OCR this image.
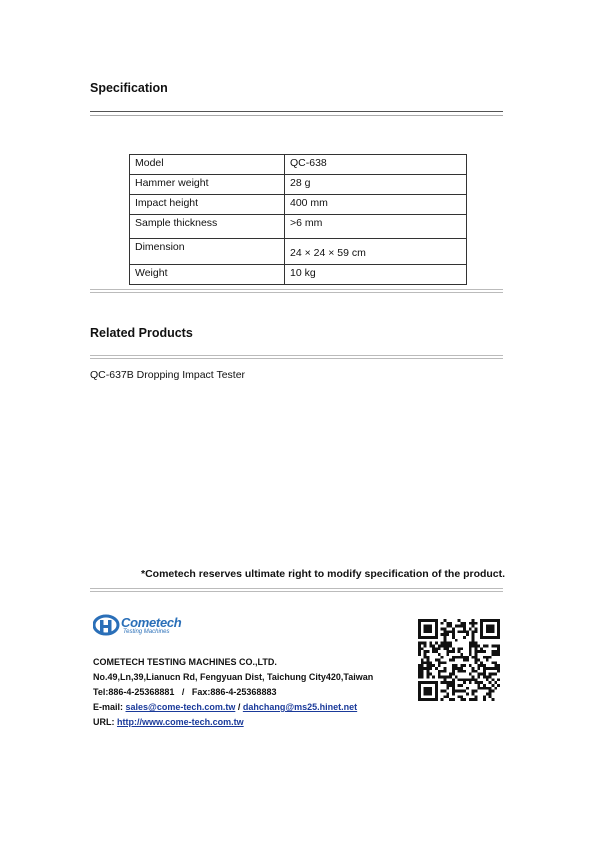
Specification
Model	QC-638
Hammer weight	28 g
Impact height	400 mm
Sample thickness	>6 mm
Dimension	24 × 24 × 59 cm
Weight	10 kg
Related Products
QC-637B Dropping Impact Tester
*Cometech reserves ultimate right to modify specification of the product.
Cometech
Testing Machines
COMETECH TESTING MACHINES CO.,LTD.
No.49,Ln,39,Lianucn Rd, Fengyuan Dist, Taichung City420,Taiwan
Tel:886-4-25368881   /   Fax:886-4-25368883
E-mail: sales@come-tech.com.tw / dahchang@ms25.hinet.net
URL: http://www.come-tech.com.tw
